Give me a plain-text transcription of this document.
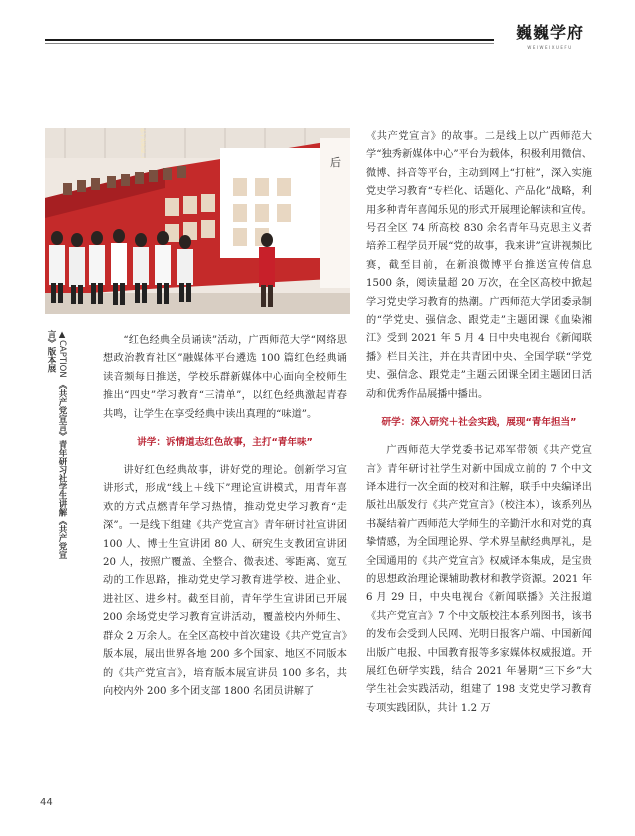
巍巍学府
WEIWEIXUEFU
后
广西师范大学
▲CAPTION 《共产党宣言》青年研习社学生讲解《共产党宣言》版本展	“红色经典全员诵读”活动，广西师范大学“网络思想政治教育社区”融媒体平台遴选 100 篇红色经典诵读音频每日推送，学校乐群新媒体中心面向全校师生推出“四史”学习教育“三清单”，以红色经典激起青春共鸣，让学生在享受经典中读出真理的“味道”。

讲学：诉情道志红色故事，主打“青年味”

讲好红色经典故事，讲好党的理论。创新学习宣讲形式，形成“线上＋线下”理论宣讲模式，用青年喜欢的方式点燃青年学习热情，推动党史学习教育“走深”。一是线下组建《共产党宣言》青年研讨社宣讲团 100 人、博士生宣讲团 80 人、研究生支教团宣讲团 20 人，按照广覆盖、全整合、微表述、零距离、宽互动的工作思路，推动党史学习教育进学校、进企业、进社区、进乡村。截至目前，青年学生宣讲团已开展 200 余场党史学习教育宣讲活动，覆盖校内外师生、群众 2 万余人。在全区高校中首次建设《共产党宣言》版本展，展出世界各地 200 多个国家、地区不同版本的《共产党宣言》，培育版本展宣讲员 100 多名，共向校内外 200 多个团支部 1800 名团员讲解了

《共产党宣言》的故事。二是线上以广西师范大学“独秀新媒体中心”平台为载体，积极利用微信、微博、抖音等平台，主动到网上“打桩”，深入实施党史学习教育“专栏化、话题化、产品化”战略，利用多种青年喜闻乐见的形式开展理论解读和宣传。号召全区 74 所高校 830 余名青年马克思主义者培养工程学员开展“党的故事，我来讲”宣讲视频比赛，截至目前，在新浪微博平台推送宣传信息 1500 条，阅读量超 20 万次，在全区高校中掀起学习党史学习教育的热潮。广西师范大学团委录制的“学党史、强信念、跟党走”主题团课《血染湘江》受到 2021 年 5 月 4 日中央电视台《新闻联播》栏目关注，并在共青团中央、全国学联“学党史、强信念、跟党走”主题云团课全团主题团日活动和优秀作品展播中播出。

研学：深入研究＋社会实践，展现“青年担当”

广西师范大学党委书记邓军带领《共产党宣言》青年研讨社学生对新中国成立前的 7 个中文译本进行一次全面的校对和注解，联手中央编译出版社出版发行《共产党宣言》（校注本），该系列丛书凝结着广西师范大学师生的辛勤汗水和对党的真挚情感，为全国理论界、学术界呈献经典厚礼，是全国通用的《共产党宣言》权威译本集成，是宝贵的思想政治理论课辅助教材和教学资源。2021 年 6 月 29 日，中央电视台《新闻联播》关注报道《共产党宣言》7 个中文版校注本系列图书，该书的发布会受到人民网、光明日报客户端、中国新闻出版广电报、中国教育报等多家媒体权威报道。开展红色研学实践，结合 2021 年暑期“三下乡”大学生社会实践活动，组建了 198 支党史学习教育专项实践团队，共计 1.2 万

44
